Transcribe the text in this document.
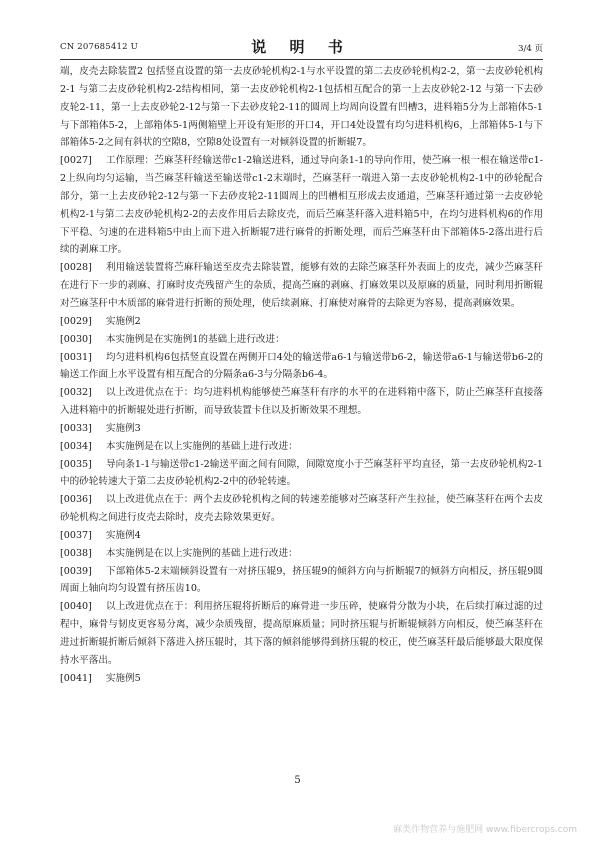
CN 207685412 U	说 明 书	3/4 页

端，皮壳去除装置2 包括竖直设置的第一去皮砂轮机构2-1与水平设置的第二去皮砂轮机构2-2，第一去皮砂轮机构2-1 与第二去皮砂轮机构2-2结构相同，第一去皮砂轮机构2-1包括相互配合的第一上去皮砂轮2-12 与第一下去砂皮轮2-11，第一上去皮砂轮2-12与第一下去砂皮轮2-11的圆周上均周向设置有凹槽3，进料箱5分为上部箱体5-1与下部箱体5-2，上部箱体5-1两侧箱壁上开设有矩形的开口4，开口4处设置有均匀进料机构6，上部箱体5-1与下部箱体5-2之间有斜状的空隙8，空隙8处设置有一对倾斜设置的折断辊7。

[0027] 工作原理：苎麻茎秆经输送带c1-2输送进料，通过导向条1-1的导向作用，使苎麻一根一根在输送带c1-2上纵向均匀运输，当苎麻茎秆输送至输送带c1-2末端时，苎麻茎秆一端进入第一去皮砂轮机构2-1中的砂轮配合部分，第一上去皮砂轮2-12与第一下去砂皮轮2-11圆周上的凹槽相互形成去皮通道，苎麻茎秆通过第一去皮砂轮机构2-1与第二去皮砂轮机构2-2的去皮作用后去除皮壳，而后苎麻茎秆落入进料箱5中，在均匀进料机构6的作用下平稳、匀速的在进料箱5中由上而下进入折断辊7进行麻骨的折断处理，而后苎麻茎秆由下部箱体5-2落出进行后续的剥麻工序。

[0028] 利用输送装置将苎麻秆输送至皮壳去除装置，能够有效的去除苎麻茎秆外表面上的皮壳，减少苎麻茎秆在进行下一步的剥麻、打麻时皮壳残留产生的杂质，提高苎麻的剥麻、打麻效果以及原麻的质量，同时利用折断辊对苎麻茎秆中木质部的麻骨进行折断的预处理，使后续剥麻、打麻使对麻骨的去除更为容易，提高剥麻效果。

[0029] 实施例2

[0030] 本实施例是在实施例1的基础上进行改进：

[0031] 均匀进料机构6包括竖直设置在两侧开口4处的输送带a6-1与输送带b6-2，输送带a6-1与输送带b6-2的输送工作面上水平设置有相互配合的分隔条a6-3与分隔条b6-4。

[0032] 以上改进优点在于：均匀进料机构能够使苎麻茎秆有序的水平的在进料箱中落下，防止苎麻茎秆直接落入进料箱中的折断辊处进行折断，而导致装置卡住以及折断效果不理想。

[0033] 实施例3

[0034] 本实施例是在以上实施例的基础上进行改进：

[0035] 导向条1-1与输送带c1-2输送平面之间有间隙，间隙宽度小于苎麻茎秆平均直径，第一去皮砂轮机构2-1中的砂轮转速大于第二去皮砂轮机构2-2中的砂轮转速。

[0036] 以上改进优点在于：两个去皮砂轮机构之间的转速差能够对苎麻茎秆产生拉扯，使苎麻茎秆在两个去皮砂轮机构之间进行皮壳去除时，皮壳去除效果更好。

[0037] 实施例4

[0038] 本实施例是在以上实施例的基础上进行改进：

[0039] 下部箱体5-2末端倾斜设置有一对挤压辊9，挤压辊9的倾斜方向与折断辊7的倾斜方向相反，挤压辊9圆周面上轴向均匀设置有挤压齿10。

[0040] 以上改进优点在于：利用挤压辊将折断后的麻骨进一步压碎，使麻骨分散为小块，在后续打麻过滤的过程中，麻骨与韧皮更容易分离，减少杂质残留，提高原麻质量；同时挤压辊与折断辊倾斜方向相反，使苎麻茎秆在进过折断辊折断后倾斜下落进入挤压辊时，其下落的倾斜能够得到挤压辊的校正，使苎麻茎秆最后能够最大限度保持水平落出。

[0041] 实施例5

5
麻类作物营养与施肥网 www.fibercrops.com
